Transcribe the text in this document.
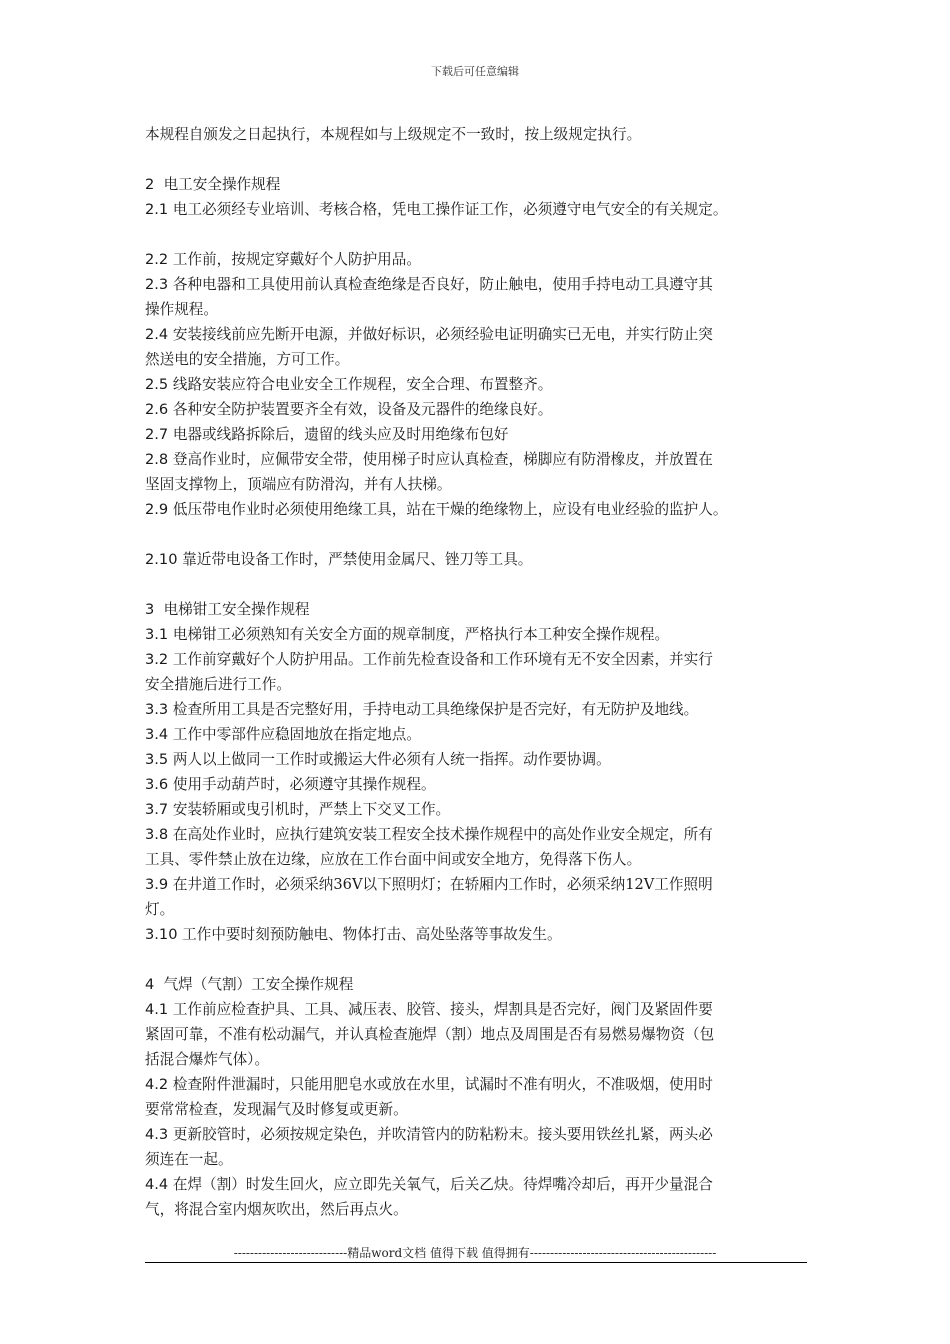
下载后可任意编辑

本规程自颁发之日起执行，本规程如与上级规定不一致时，按上级规定执行。

2  电工安全操作规程

2.1 电工必须经专业培训、考核合格，凭电工操作证工作，必须遵守电气安全的有关规定。

2.2 工作前，按规定穿戴好个人防护用品。

2.3 各种电器和工具使用前认真检查绝缘是否良好，防止触电，使用手持电动工具遵守其

操作规程。

2.4 安装接线前应先断开电源，并做好标识，必须经验电证明确实已无电，并实行防止突

然送电的安全措施，方可工作。

2.5 线路安装应符合电业安全工作规程，安全合理、布置整齐。

2.6 各种安全防护装置要齐全有效，设备及元器件的绝缘良好。

2.7 电器或线路拆除后，遗留的线头应及时用绝缘布包好

2.8 登高作业时，应佩带安全带，使用梯子时应认真检查，梯脚应有防滑橡皮，并放置在

坚固支撑物上，顶端应有防滑沟，并有人扶梯。

2.9 低压带电作业时必须使用绝缘工具，站在干燥的绝缘物上，应设有电业经验的监护人。

2.10 靠近带电设备工作时，严禁使用金属尺、锉刀等工具。

3  电梯钳工安全操作规程

3.1 电梯钳工必须熟知有关安全方面的规章制度，严格执行本工种安全操作规程。

3.2 工作前穿戴好个人防护用品。工作前先检查设备和工作环境有无不安全因素，并实行

安全措施后进行工作。

3.3 检查所用工具是否完整好用，手持电动工具绝缘保护是否完好，有无防护及地线。

3.4 工作中零部件应稳固地放在指定地点。

3.5 两人以上做同一工作时或搬运大件必须有人统一指挥。动作要协调。

3.6 使用手动葫芦时，必须遵守其操作规程。

3.7 安装轿厢或曳引机时，严禁上下交叉工作。

3.8 在高处作业时，应执行建筑安装工程安全技术操作规程中的高处作业安全规定，所有

工具、零件禁止放在边缘，应放在工作台面中间或安全地方，免得落下伤人。

3.9 在井道工作时，必须采纳36V以下照明灯；在轿厢内工作时，必须采纳12V工作照明

灯。

3.10 工作中要时刻预防触电、物体打击、高处坠落等事故发生。

4  气焊（气割）工安全操作规程

4.1 工作前应检查护具、工具、减压表、胶管、接头，焊割具是否完好，阀门及紧固件要

紧固可靠，不准有松动漏气，并认真检查施焊（割）地点及周围是否有易燃易爆物资（包

括混合爆炸气体）。

4.2 检查附件泄漏时，只能用肥皂水或放在水里，试漏时不准有明火，不准吸烟，使用时

要常常检查，发现漏气及时修复或更新。

4.3 更新胶管时，必须按规定染色，并吹清管内的防粘粉末。接头要用铁丝扎紧，两头必

须连在一起。

4.4 在焊（割）时发生回火，应立即先关氧气，后关乙炔。待焊嘴冷却后，再开少量混合

气，将混合室内烟灰吹出，然后再点火。

----------------------------精品word文档 值得下载 值得拥有----------------------------------------------
